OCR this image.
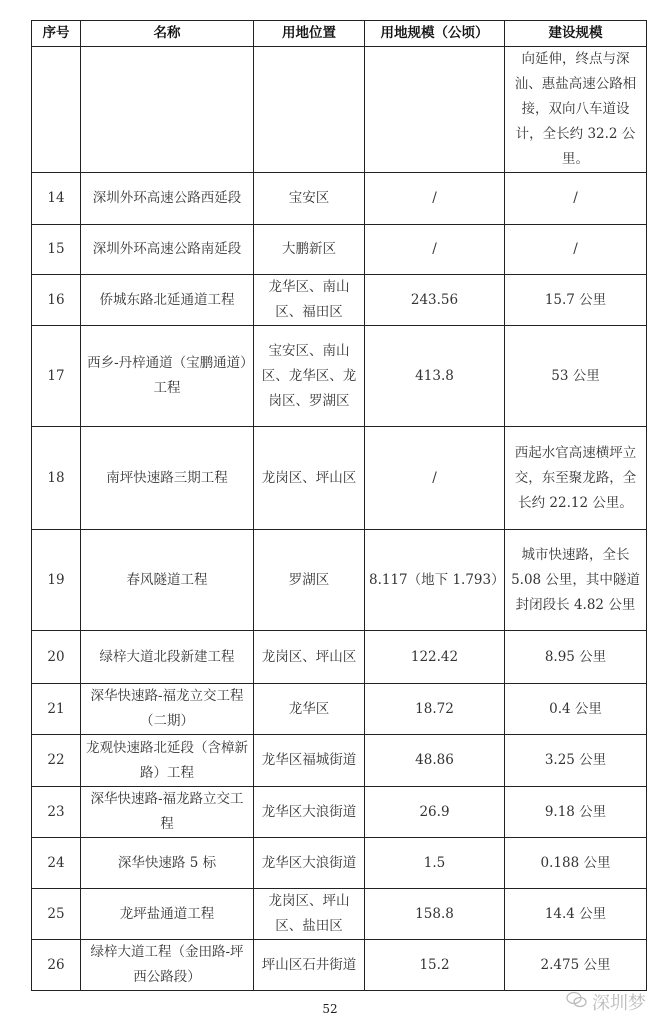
序号	名称	用地位置	用地规模（公顷）	建设规模
				向延伸，终点与深汕、惠盐高速公路相接，双向八车道设计，全长约 32.2 公里。
14	深圳外环高速公路西延段	宝安区	/	/
15	深圳外环高速公路南延段	大鹏新区	/	/
16	侨城东路北延通道工程	龙华区、南山区、福田区	243.56	15.7 公里
17	西乡-丹梓通道（宝鹏通道）工程	宝安区、南山区、龙华区、龙岗区、罗湖区	413.8	53 公里
18	南坪快速路三期工程	龙岗区、坪山区	/	西起水官高速横坪立交，东至聚龙路，全长约 22.12 公里。
19	春风隧道工程	罗湖区	8.117（地下 1.793）	城市快速路，全长 5.08 公里，其中隧道封闭段长 4.82 公里
20	绿梓大道北段新建工程	龙岗区、坪山区	122.42	8.95 公里
21	深华快速路-福龙立交工程（二期）	龙华区	18.72	0.4 公里
22	龙观快速路北延段（含樟新路）工程	龙华区福城街道	48.86	3.25 公里
23	深华快速路-福龙路立交工程	龙华区大浪街道	26.9	9.18 公里
24	深华快速路 5 标	龙华区大浪街道	1.5	0.188 公里
25	龙坪盐通道工程	龙岗区、坪山区、盐田区	158.8	14.4 公里
26	绿梓大道工程（金田路-坪西公路段）	坪山区石井街道	15.2	2.475 公里
52	深圳梦
